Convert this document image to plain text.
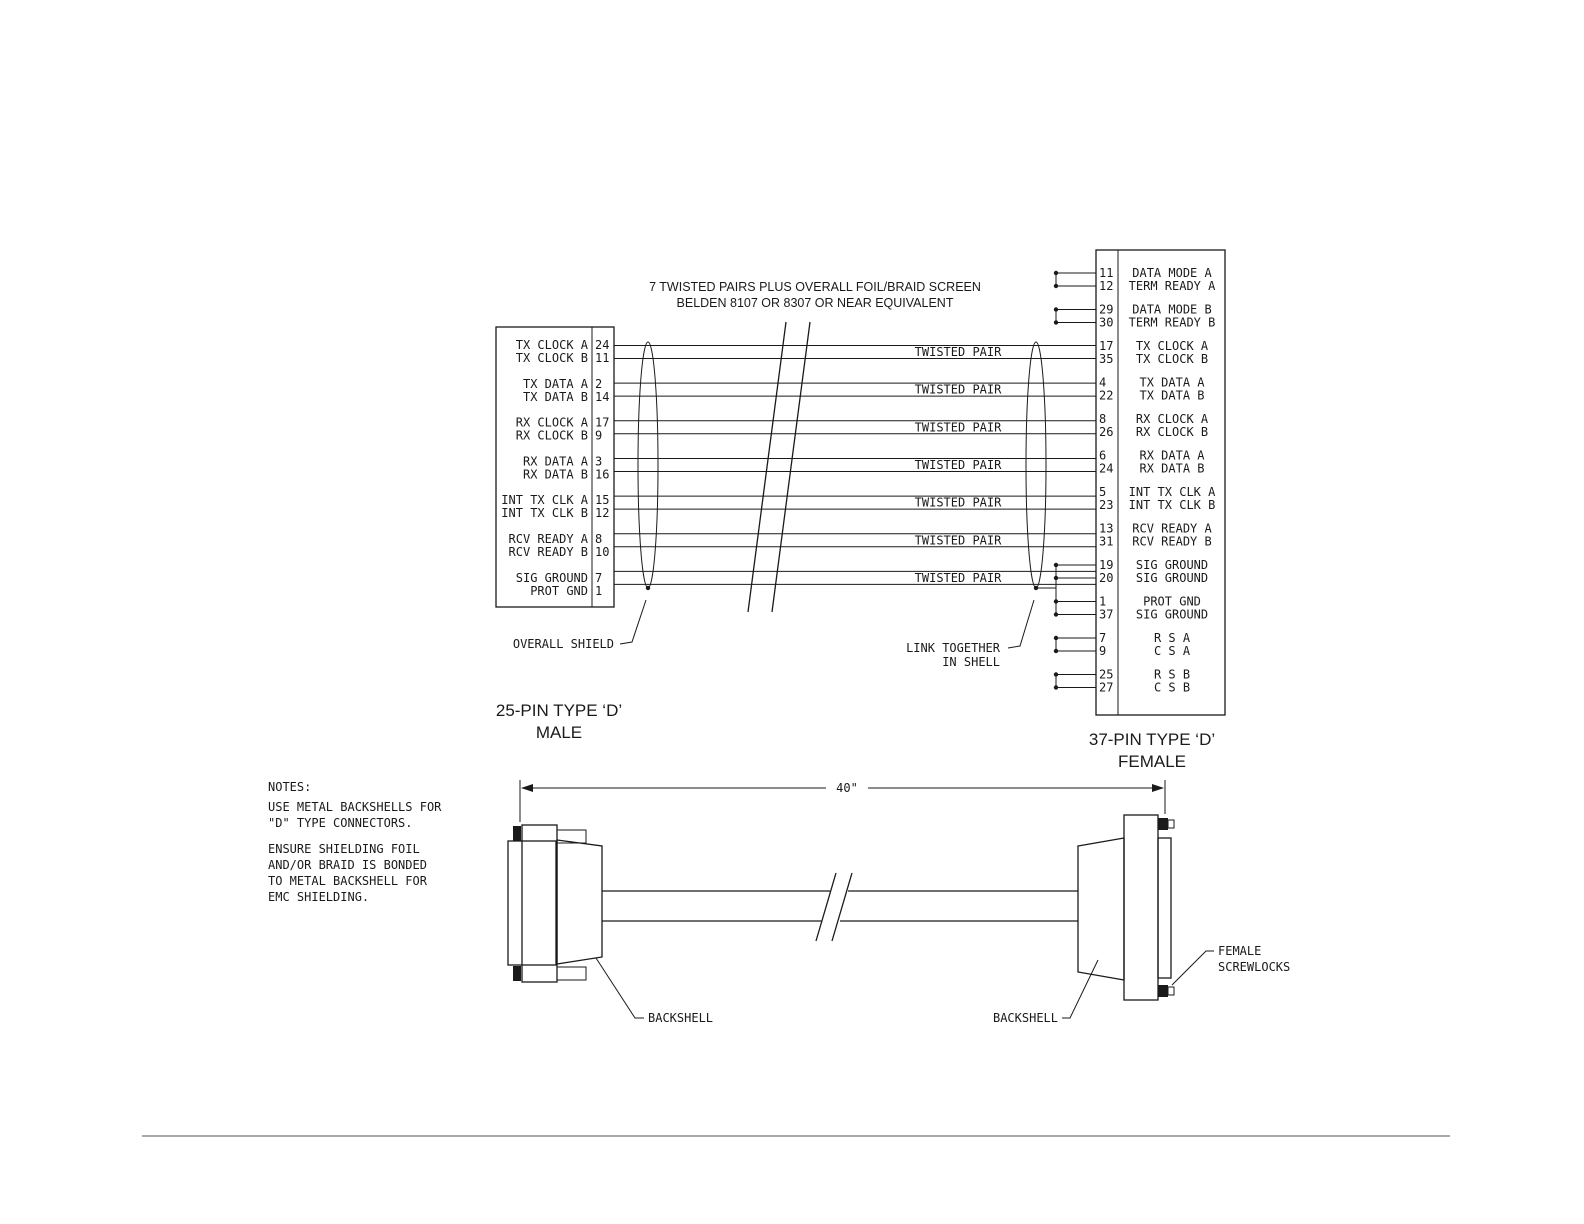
7 TWISTED PAIRS PLUS OVERALL FOIL/BRAID SCREEN
BELDEN 8107 OR 8307 OR NEAR EQUIVALENT
TX CLOCK A 24
TX CLOCK B 11
TX DATA A 2
TX DATA B 14
RX CLOCK A 17
RX CLOCK B 9
RX DATA A 3
RX DATA B 16
INT TX CLK A 15
INT TX CLK B 12
RCV READY A 8
RCV READY B 10
SIG GROUND 7
PROT GND 1
11 DATA MODE A
12 TERM READY A
29 DATA MODE B
30 TERM READY B
17 TX CLOCK A
35 TX CLOCK B
4	TX DATA A
22 TX DATA B
8 RX CLOCK A
26 RX CLOCK B
6	RX DATA A
24 RX DATA B
5 INT TX CLK A
23 INT TX CLK B
13 RCV READY A
31 RCV READY B
19 SIG GROUND
20 SIG GROUND
1	PROT GND
37 SIG GROUND
7	R S A
9	C S A
25	R S B
27	C S B
TWISTED PAIR
TWISTED PAIR
TWISTED PAIR
TWISTED PAIR
TWISTED PAIR
TWISTED PAIR
TWISTED PAIR
OVERALL SHIELD	LINK TOGETHER
IN SHELL
25-PIN TYPE ‘D’
MALE	37-PIN TYPE ‘D’
FEMALE
NOTES:
USE METAL BACKSHELLS FOR
"D" TYPE CONNECTORS.
ENSURE SHIELDING FOIL
AND/OR BRAID IS BONDED
TO METAL BACKSHELL FOR
EMC SHIELDING.
40"
BACKSHELL	BACKSHELL
FEMALE
SCREWLOCKS
